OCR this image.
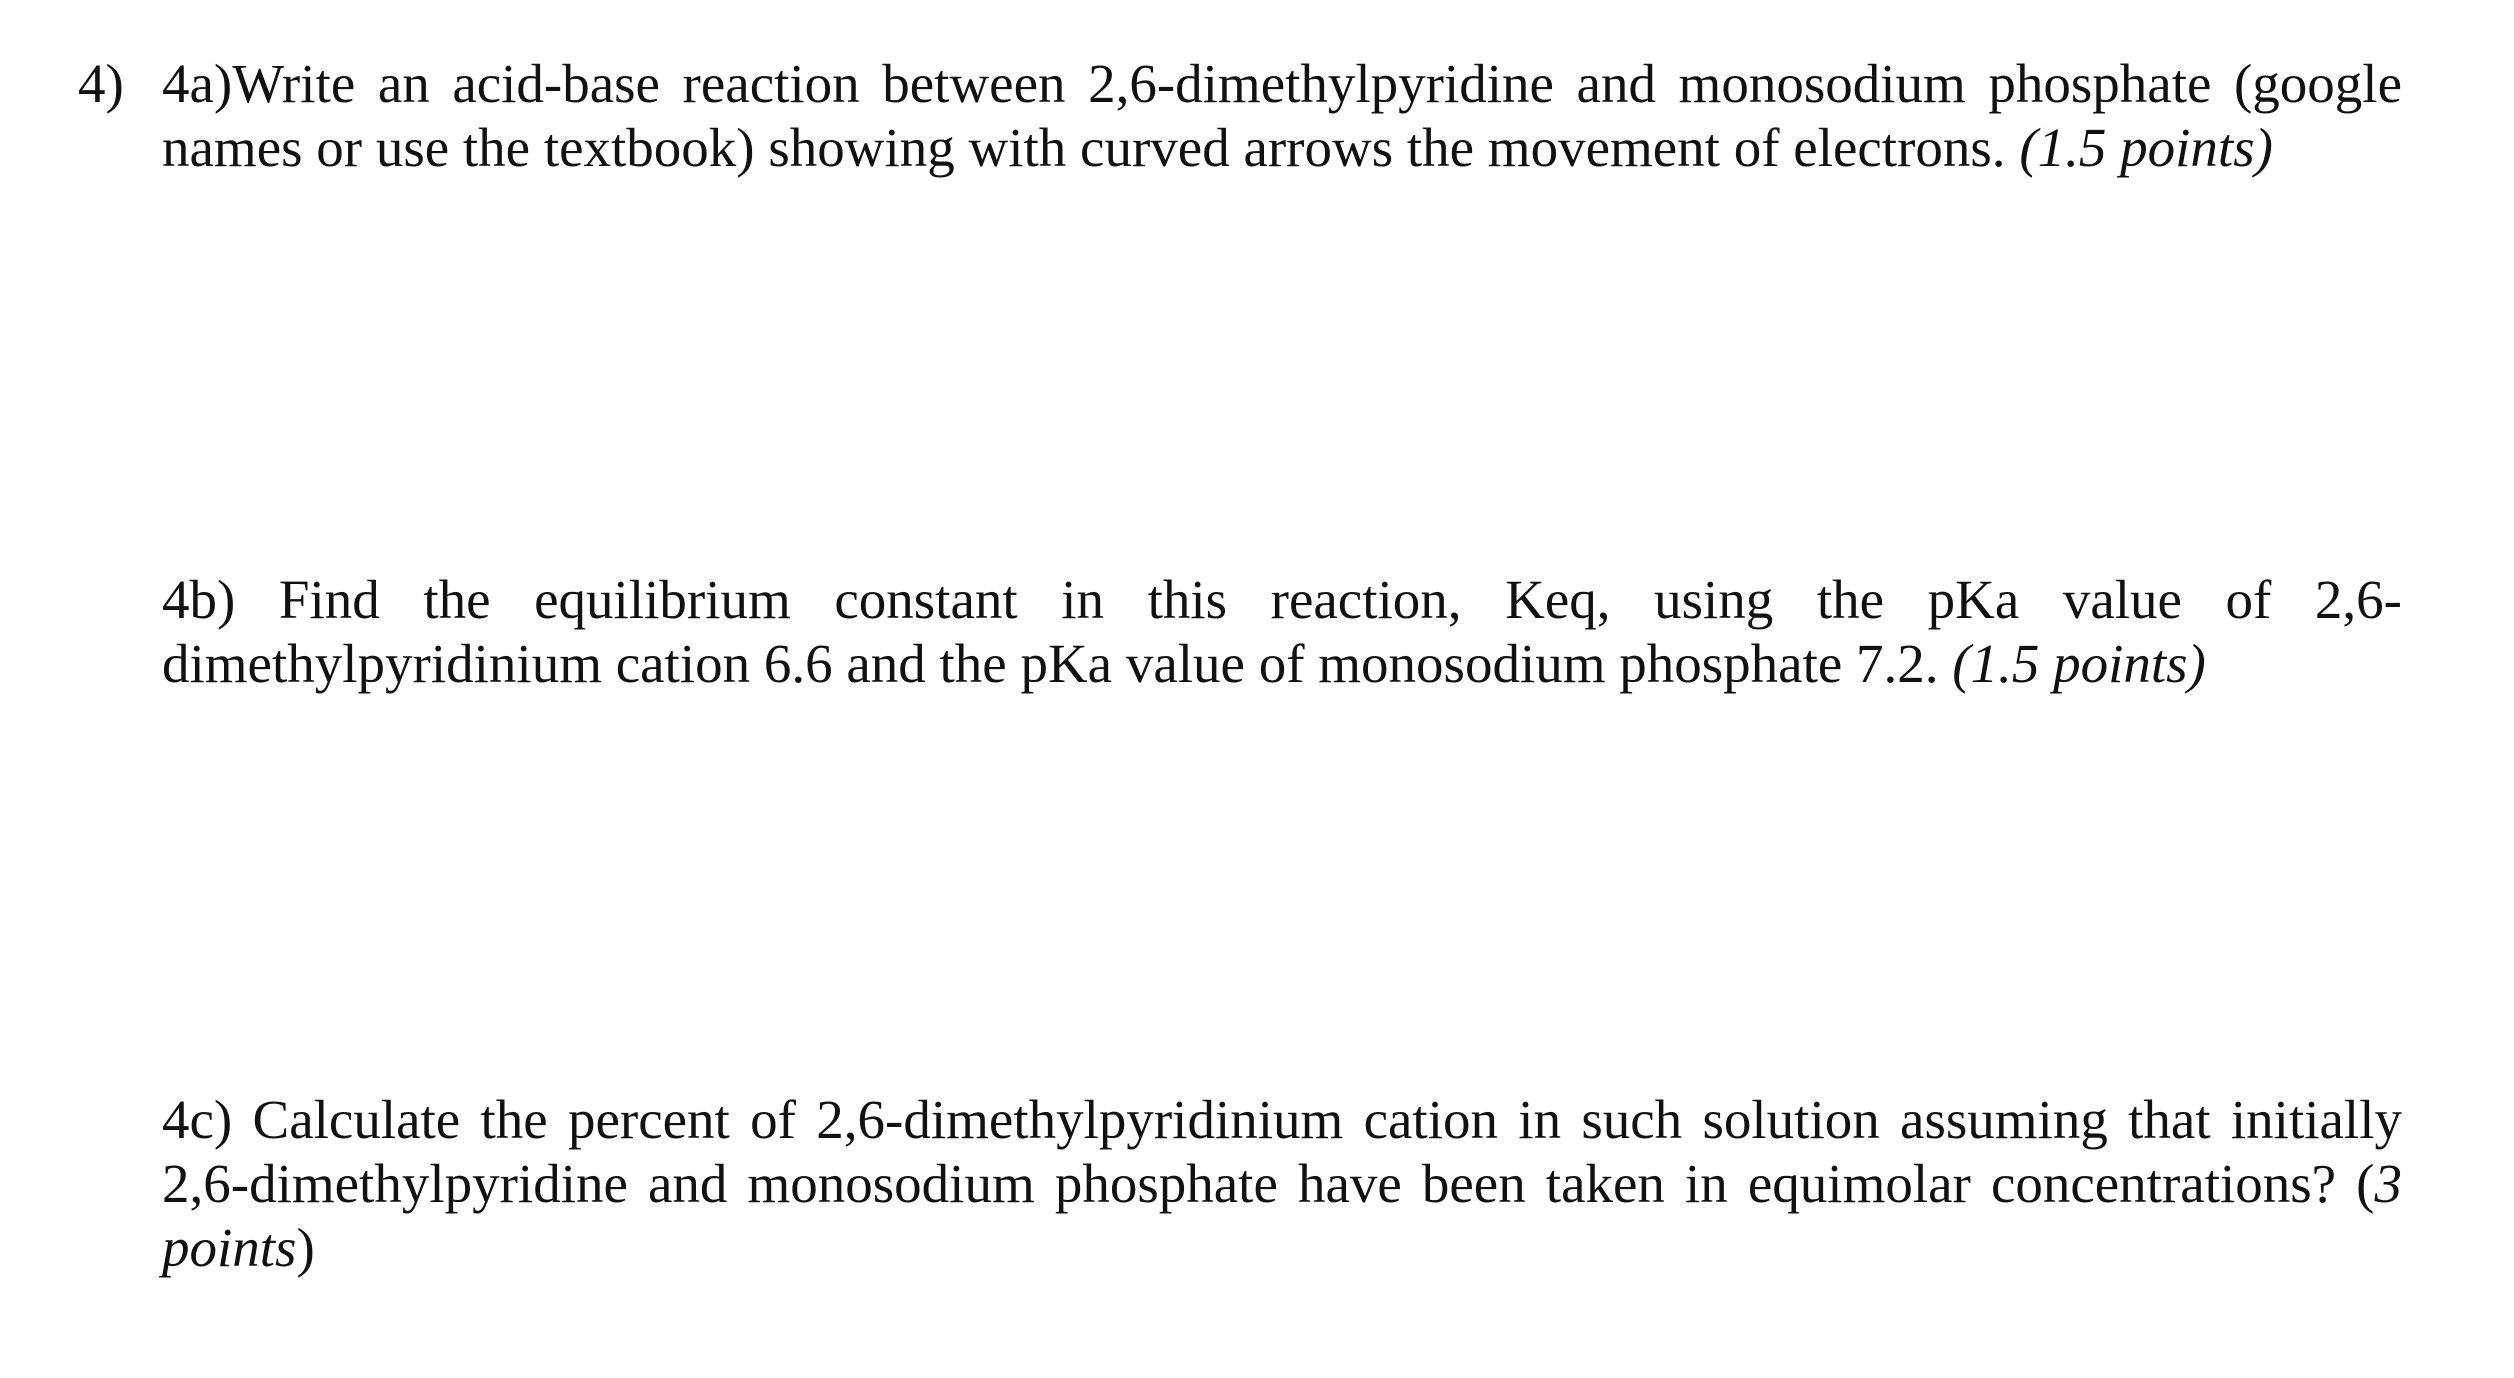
4) 4a)Write an acid-base reaction between 2,6-dimethylpyridine and monosodium phosphate (google
names or use the textbook) showing with curved arrows the movement of electrons. (1.5 points)
4b) Find the equilibrium constant in this reaction, Keq, using the pKa value of 2,6-
dimethylpyridinium cation 6.6 and the pKa value of monosodium phosphate 7.2. (1.5 points)
4c) Calculate the percent of 2,6-dimethylpyridinium cation in such solution assuming that initially
2,6-dimethylpyridine and monosodium phosphate have been taken in equimolar concentrations? (3
points)
